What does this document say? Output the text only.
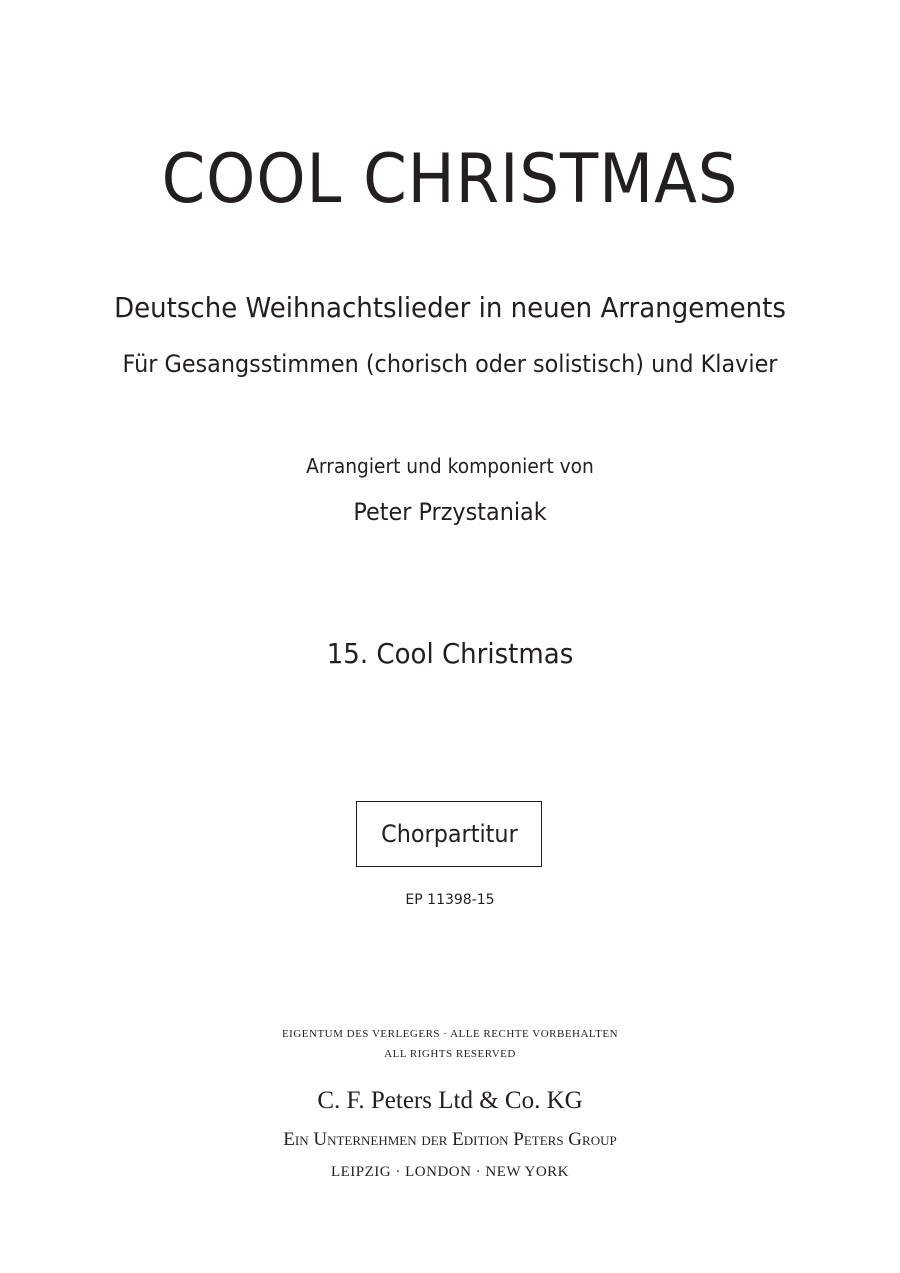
COOL CHRISTMAS
Deutsche Weihnachtslieder in neuen Arrangements
Für Gesangsstimmen (chorisch oder solistisch) und Klavier
Arrangiert und komponiert von
Peter Przystaniak
15. Cool Christmas
Chorpartitur
EP 11398-15
EIGENTUM DES VERLEGERS · ALLE RECHTE VORBEHALTEN
ALL RIGHTS RESERVED
C. F. Peters Ltd & Co. KG
Ein Unternehmen der Edition Peters Group
LEIPZIG · LONDON · NEW YORK
